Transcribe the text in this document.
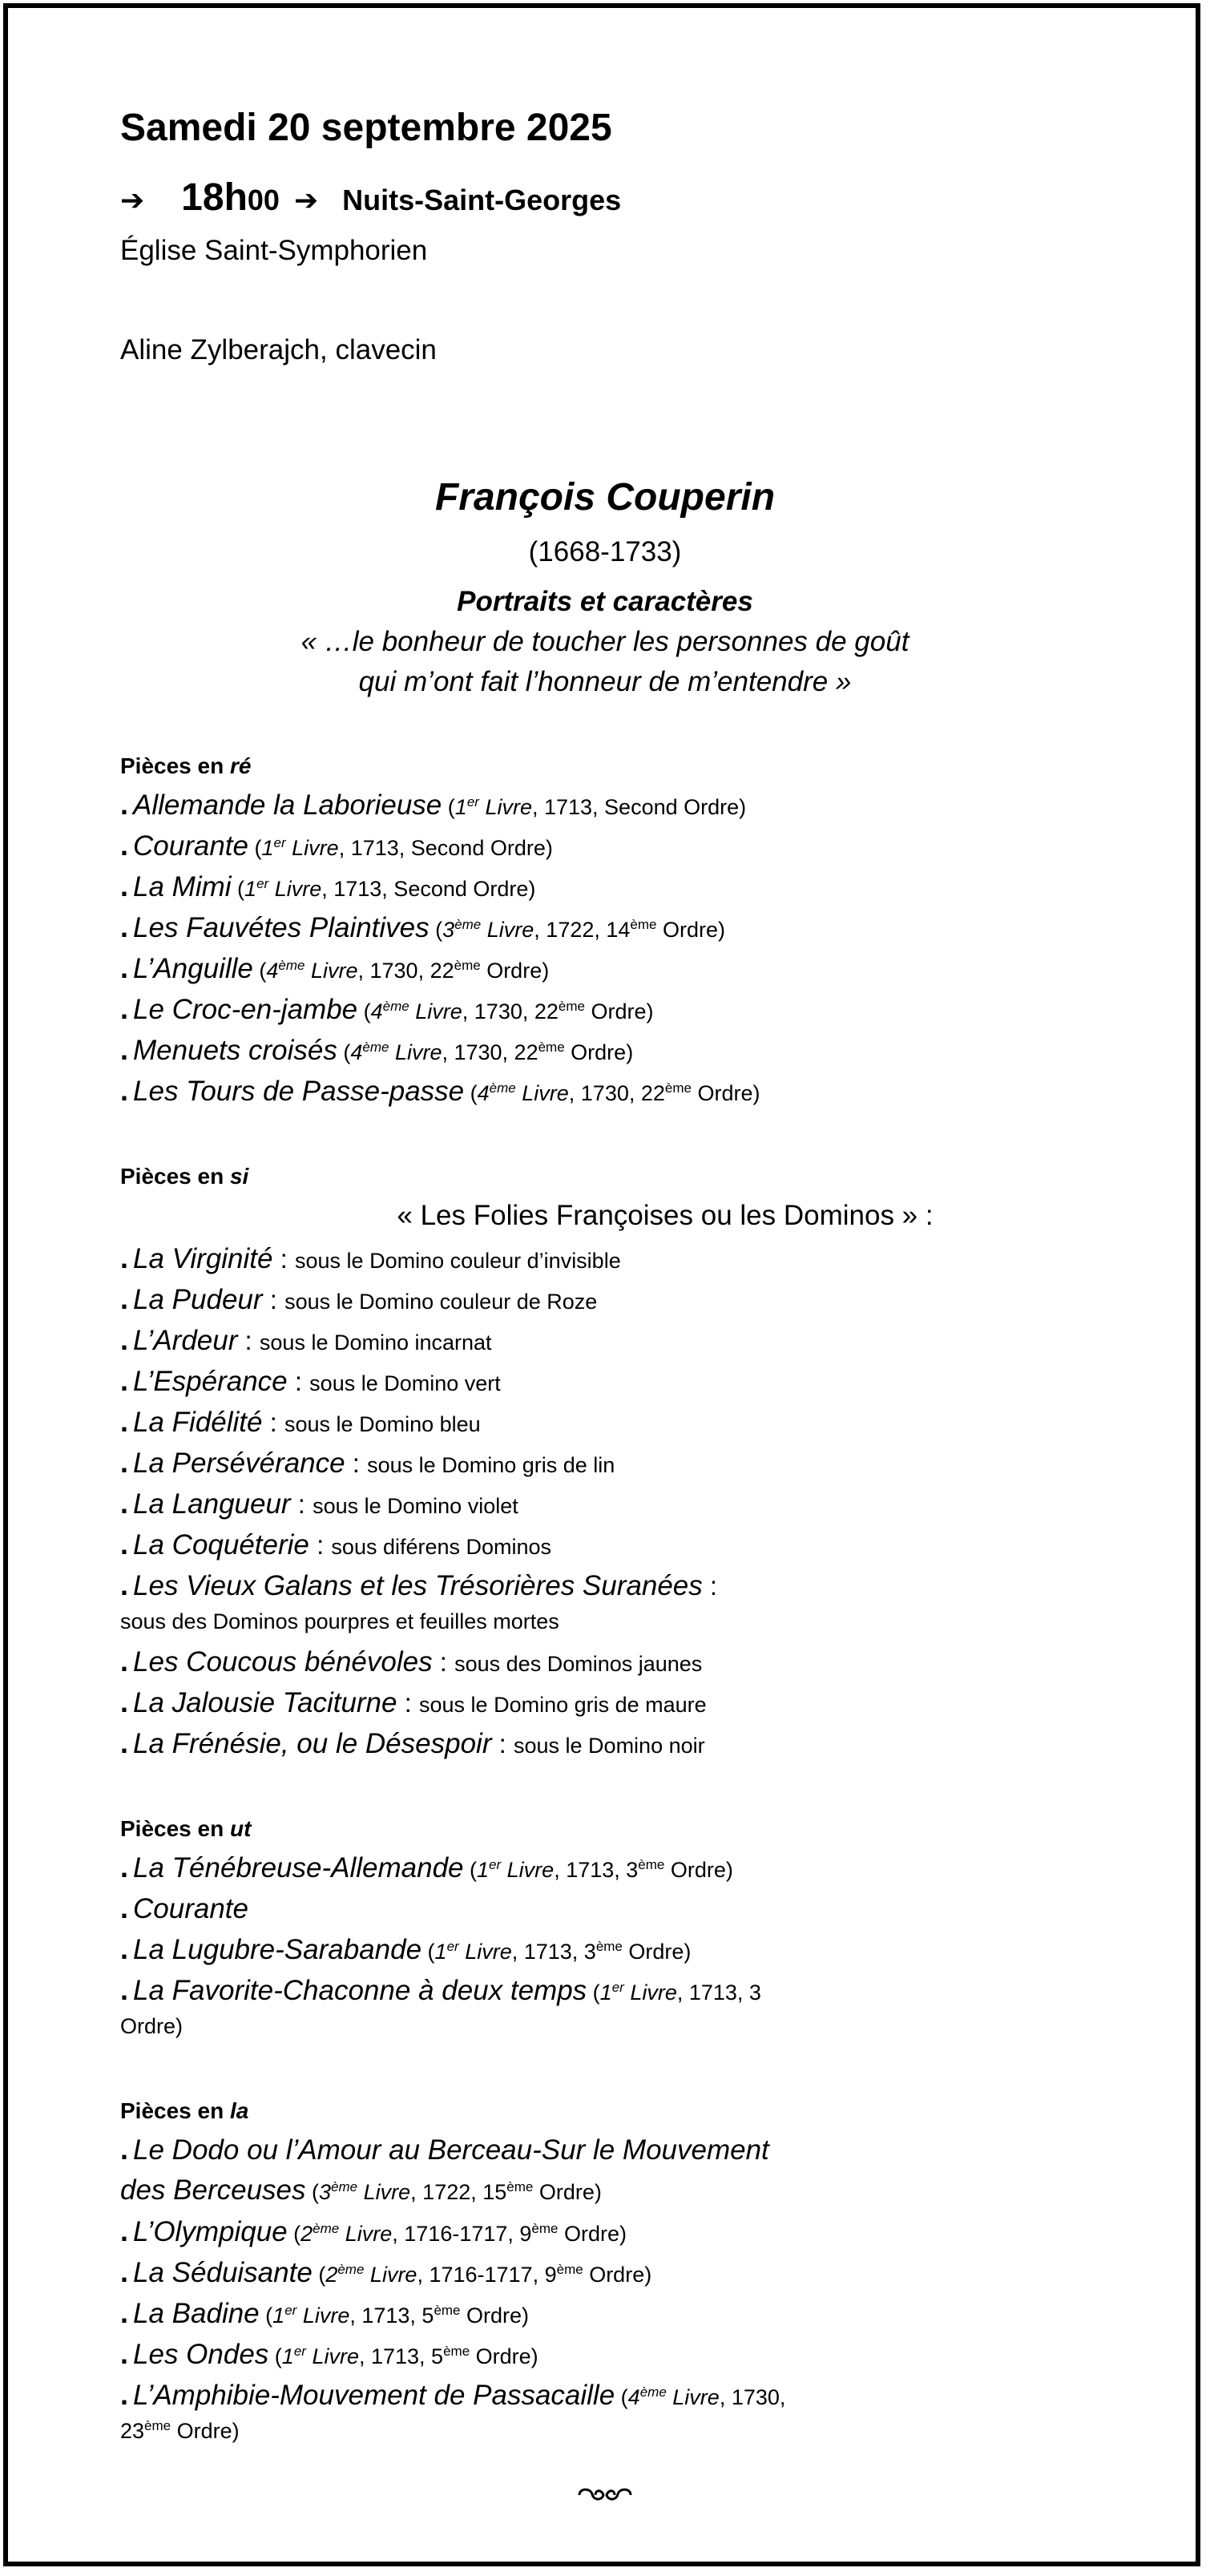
Samedi 20 septembre 2025
➔ 18h00 ➔ Nuits-Saint-Georges
Église Saint-Symphorien
Aline Zylberajch, clavecin
François Couperin
(1668-1733)
Portraits et caractères
« …le bonheur de toucher les personnes de goût
qui m’ont fait l’honneur de m’entendre »
Pièces en ré
. Allemande la Laborieuse (1er Livre, 1713, Second Ordre)
. Courante (1er Livre, 1713, Second Ordre)
. La Mimi (1er Livre, 1713, Second Ordre)
. Les Fauvétes Plaintives (3ème Livre, 1722, 14ème Ordre)
. L’Anguille (4ème Livre, 1730, 22ème Ordre)
. Le Croc-en-jambe (4ème Livre, 1730, 22ème Ordre)
. Menuets croisés (4ème Livre, 1730, 22ème Ordre)
. Les Tours de Passe-passe (4ème Livre, 1730, 22ème Ordre)
Pièces en si
« Les Folies Françoises ou les Dominos » :
. La Virginité : sous le Domino couleur d’invisible
. La Pudeur : sous le Domino couleur de Roze
. L’Ardeur : sous le Domino incarnat
. L’Espérance : sous le Domino vert
. La Fidélité : sous le Domino bleu
. La Persévérance : sous le Domino gris de lin
. La Langueur : sous le Domino violet
. La Coquéterie : sous diférens Dominos
. Les Vieux Galans et les Trésorières Suranées :
sous des Dominos pourpres et feuilles mortes
. Les Coucous bénévoles : sous des Dominos jaunes
. La Jalousie Taciturne : sous le Domino gris de maure
. La Frénésie, ou le Désespoir : sous le Domino noir
Pièces en ut
. La Ténébreuse-Allemande (1er Livre, 1713, 3ème Ordre)
. Courante
. La Lugubre-Sarabande (1er Livre, 1713, 3ème Ordre)
. La Favorite-Chaconne à deux temps (1er Livre, 1713, 3
Ordre)
Pièces en la
. Le Dodo ou l’Amour au Berceau-Sur le Mouvement
des Berceuses (3ème Livre, 1722, 15ème Ordre)
. L’Olympique (2ème Livre, 1716-1717, 9ème Ordre)
. La Séduisante (2ème Livre, 1716-1717, 9ème Ordre)
. La Badine (1er Livre, 1713, 5ème Ordre)
. Les Ondes (1er Livre, 1713, 5ème Ordre)
. L’Amphibie-Mouvement de Passacaille (4ème Livre, 1730,
23ème Ordre)
